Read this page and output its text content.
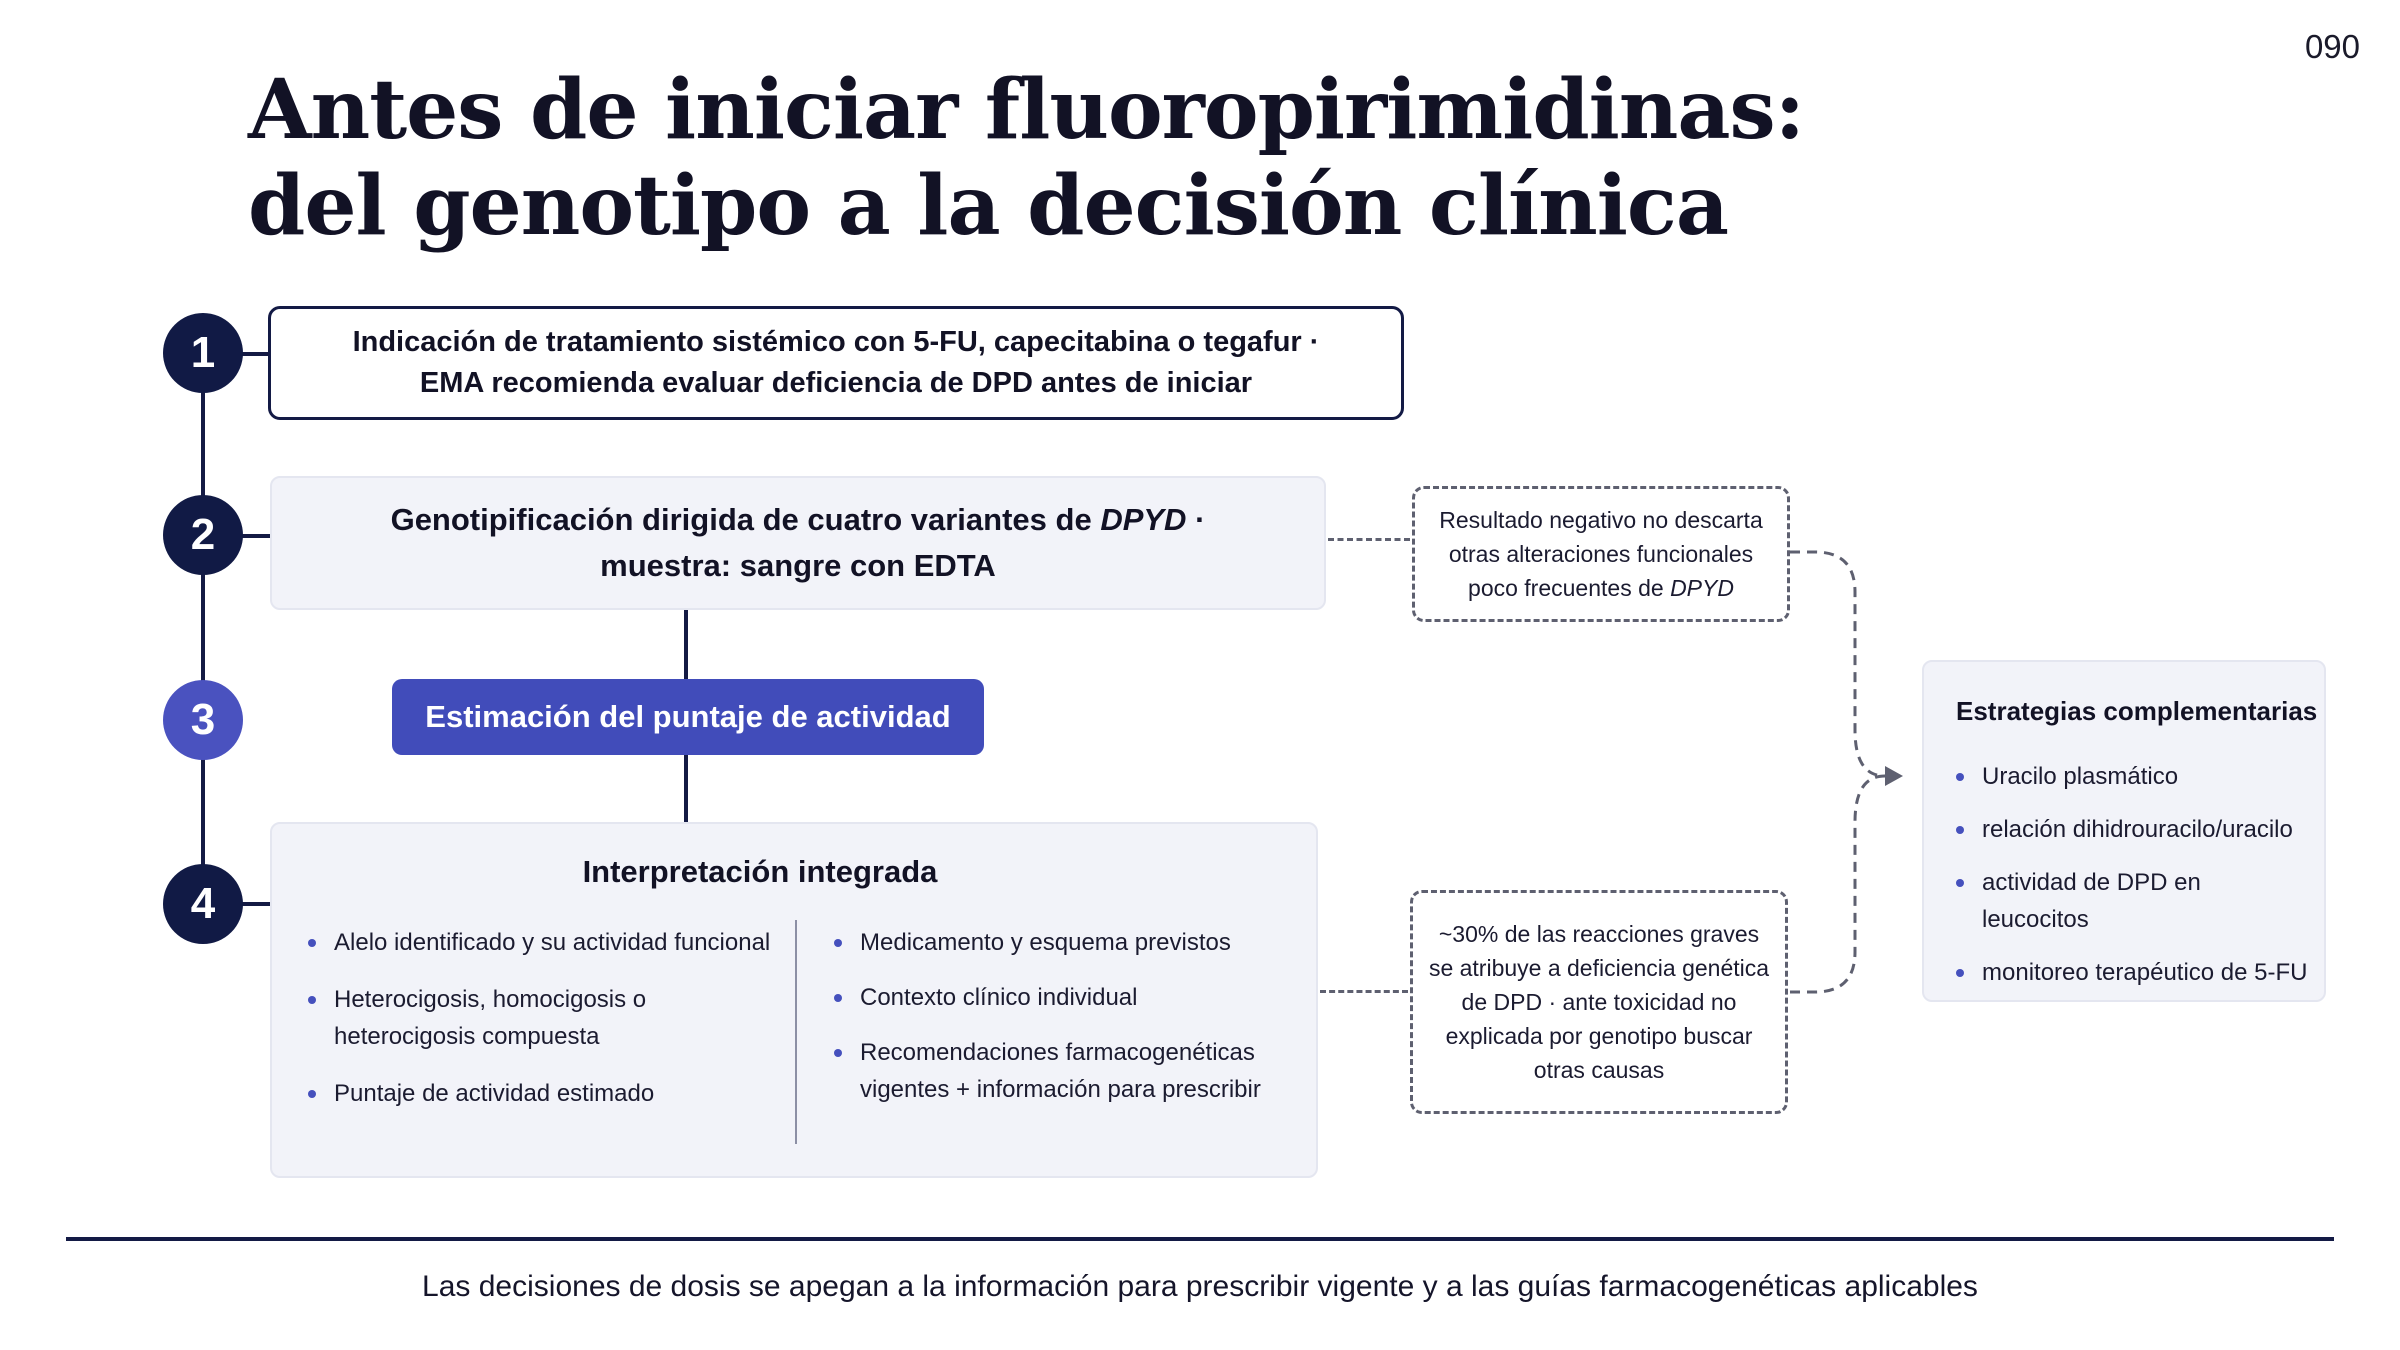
090
Antes de iniciar fluoropirimidinas:
del genotipo a la decisión clínica
1
2
3
4
Indicación de tratamiento sistémico con 5-FU, capecitabina o tegafur ·
EMA recomienda evaluar deficiencia de DPD antes de iniciar
Genotipificación dirigida de cuatro variantes de DPYD ·
muestra: sangre con EDTA
Estimación del puntaje de actividad
Interpretación integrada
Alelo identificado y su actividad funcional
Heterocigosis, homocigosis o heterocigosis compuesta
Puntaje de actividad estimado
Medicamento y esquema previstos
Contexto clínico individual
Recomendaciones farmacogenéticas vigentes + información para prescribir
Resultado negativo no descarta
otras alteraciones funcionales
poco frecuentes de DPYD
~30% de las reacciones graves
se atribuye a deficiencia genética
de DPD · ante toxicidad no
explicada por genotipo buscar
otras causas
Estrategias complementarias
Uracilo plasmático
relación dihidrouracilo/uracilo
actividad de DPD en leucocitos
monitoreo terapéutico de 5-FU
Las decisiones de dosis se apegan a la información para prescribir vigente y a las guías farmacogenéticas aplicables
